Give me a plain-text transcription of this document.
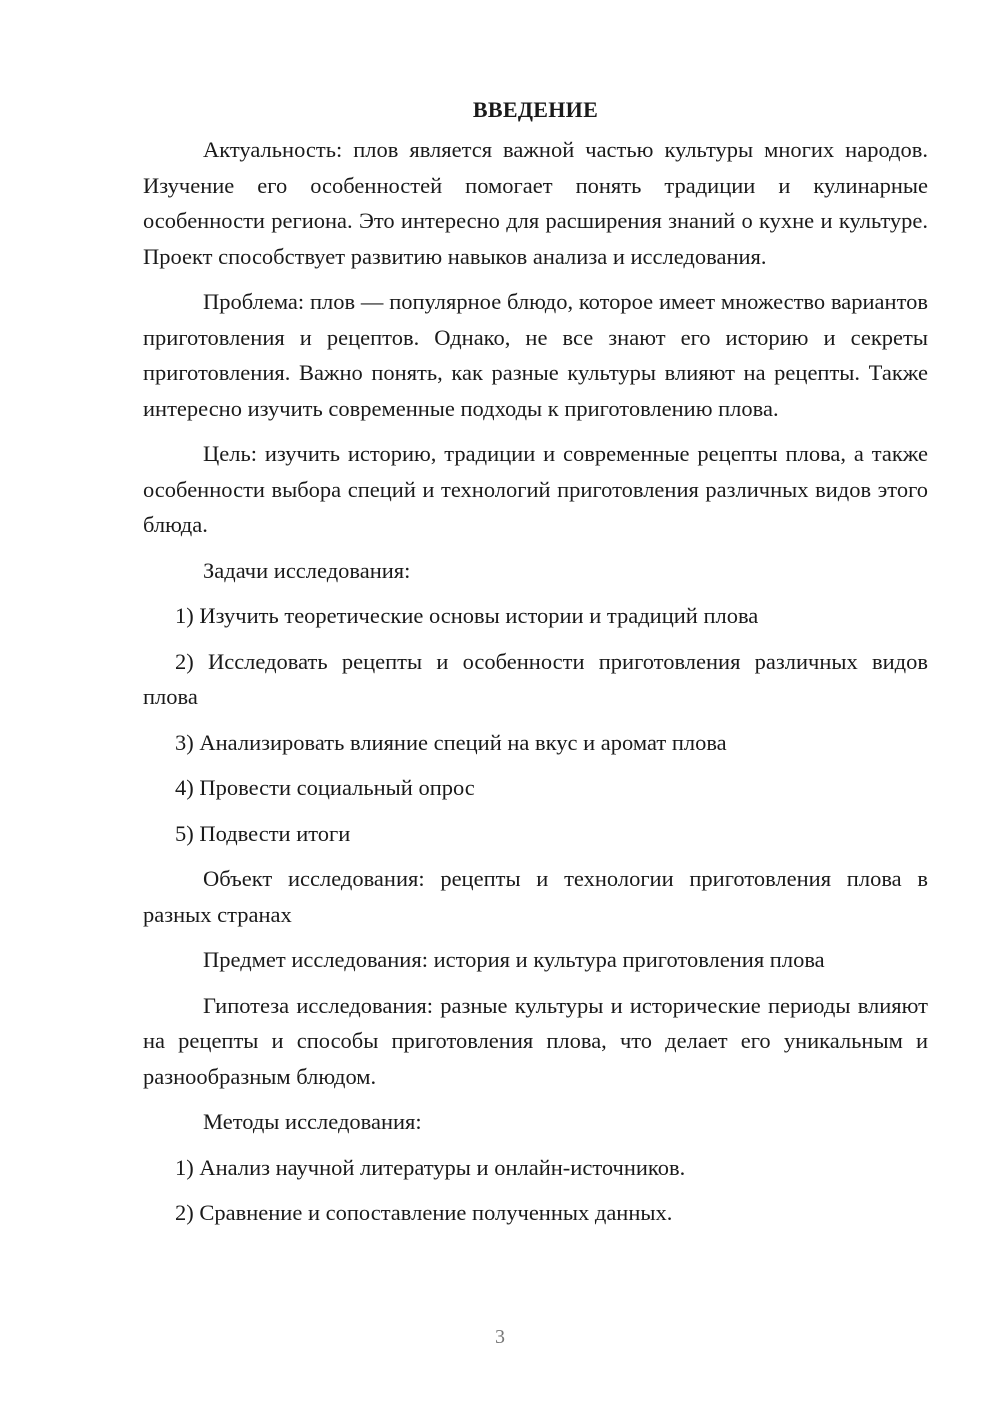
ВВЕДЕНИЕ

Актуальность: плов является важной частью культуры многих народов. Изучение его особенностей помогает понять традиции и кулинарные особенности региона. Это интересно для расширения знаний о кухне и культуре. Проект способствует развитию навыков анализа и исследования.

Проблема: плов — популярное блюдо, которое имеет множество вариантов приготовления и рецептов. Однако, не все знают его историю и секреты приготовления. Важно понять, как разные культуры влияют на рецепты. Также интересно изучить современные подходы к приготовлению плова.

Цель: изучить историю, традиции и современные рецепты плова, а также особенности выбора специй и технологий приготовления различных видов этого блюда.

Задачи исследования:

1) Изучить теоретические основы истории и традиций плова

2) Исследовать рецепты и особенности приготовления различных видов плова

3) Анализировать влияние специй на вкус и аромат плова

4) Провести социальный опрос

5) Подвести итоги

Объект исследования: рецепты и технологии приготовления плова в разных странах

Предмет исследования: история и культура приготовления плова

Гипотеза исследования: разные культуры и исторические периоды влияют на рецепты и способы приготовления плова, что делает его уникальным и разнообразным блюдом.

Методы исследования:

1) Анализ научной литературы и онлайн-источников.

2) Сравнение и сопоставление полученных данных.

3
